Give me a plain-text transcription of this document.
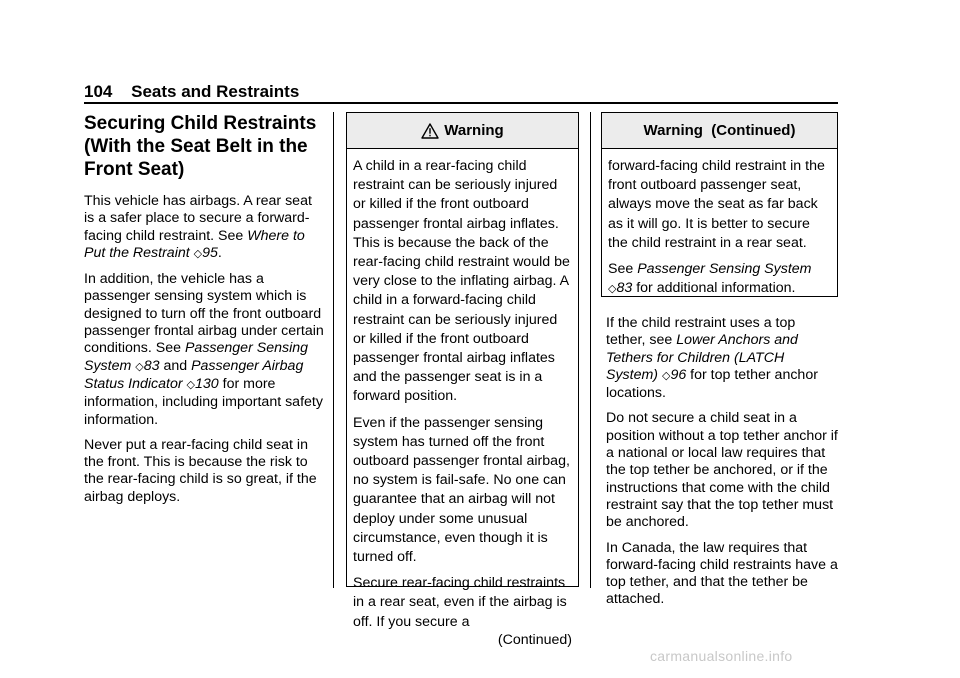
104 Seats and Restraints
Securing Child Restraints (With the Seat Belt in the Front Seat)

This vehicle has airbags. A rear seat is a safer place to secure a forward-facing child restraint. See Where to Put the Restraint ◇95.

In addition, the vehicle has a passenger sensing system which is designed to turn off the front outboard passenger frontal airbag under certain conditions. See Passenger Sensing System ◇83 and Passenger Airbag Status Indicator ◇130 for more information, including important safety information.

Never put a rear-facing child seat in the front. This is because the risk to the rear-facing child is so great, if the airbag deploys.

Warning

A child in a rear-facing child restraint can be seriously injured or killed if the front outboard passenger frontal airbag inflates. This is because the back of the rear-facing child restraint would be very close to the inflating airbag. A child in a forward-facing child restraint can be seriously injured or killed if the front outboard passenger frontal airbag inflates and the passenger seat is in a forward position.

Even if the passenger sensing system has turned off the front outboard passenger frontal airbag, no system is fail-safe. No one can guarantee that an airbag will not deploy under some unusual circumstance, even though it is turned off.

Secure rear-facing child restraints in a rear seat, even if the airbag is off. If you secure a

(Continued)
Warning  (Continued)

forward-facing child restraint in the front outboard passenger seat, always move the seat as far back as it will go. It is better to secure the child restraint in a rear seat.

See Passenger Sensing System ◇83 for additional information.

If the child restraint uses a top tether, see Lower Anchors and Tethers for Children (LATCH System) ◇96 for top tether anchor locations.

Do not secure a child seat in a position without a top tether anchor if a national or local law requires that the top tether be anchored, or if the instructions that come with the child restraint say that the top tether must be anchored.

In Canada, the law requires that forward-facing child restraints have a top tether, and that the tether be attached.

carmanualsonline.info
